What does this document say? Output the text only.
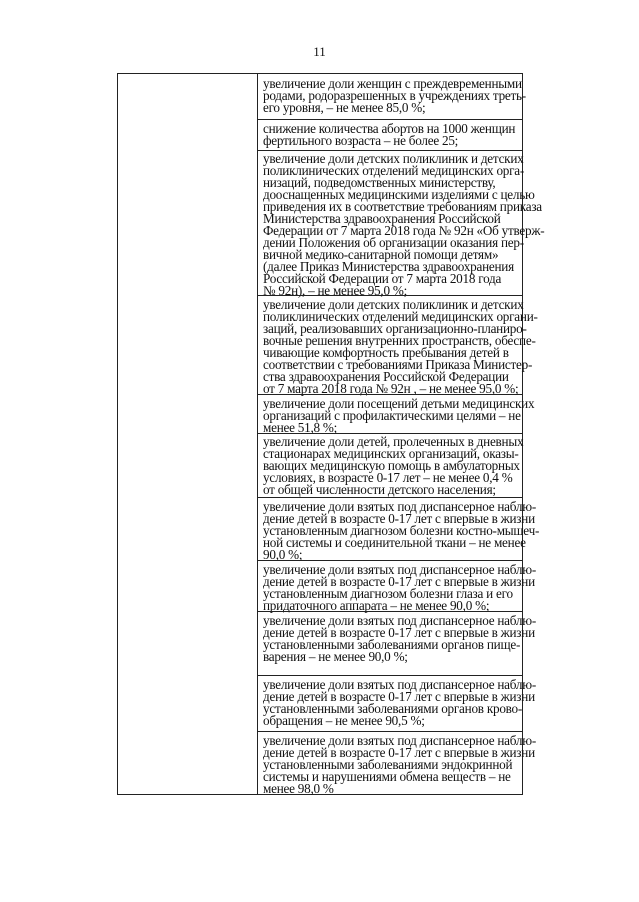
11
увеличение доли женщин с преждевременными
родами, родоразрешенных в учреждениях треть-
его уровня, – не менее 85,0 %;
снижение количества абортов на 1000 женщин
фертильного возраста – не более 25;
увеличение доли детских поликлиник и детских
поликлинических отделений медицинских орга-
низаций, подведомственных министерству,
дооснащенных медицинскими изделиями с целью
приведения их в соответствие требованиям приказа
Министерства здравоохранения Российской
Федерации от 7 марта 2018 года № 92н «Об утверж-
дении Положения об организации оказания пер-
вичной медико-санитарной помощи детям»
(далее Приказ Министерства здравоохранения
Российской Федерации от 7 марта 2018 года
№ 92н), – не менее 95,0 %;
увеличение доли детских поликлиник и детских
поликлинических отделений медицинских органи-
заций, реализовавших организационно-планиро-
вочные решения внутренних пространств, обеспе-
чивающие комфортность пребывания детей в
соответствии с требованиями Приказа Министер-
ства здравоохранения Российской Федерации
от 7 марта 2018 года № 92н , – не менее 95,0 %;
увеличение доли посещений детьми медицинских
организаций с профилактическими целями – не
менее 51,8 %;
увеличение доли детей, пролеченных в дневных
стационарах медицинских организаций, оказы-
вающих медицинскую помощь в амбулаторных
условиях, в возрасте 0-17 лет – не менее 0,4 %
от общей численности детского населения;
увеличение доли взятых под диспансерное наблю-
дение детей в возрасте 0-17 лет с впервые в жизни
установленным диагнозом болезни костно-мышеч-
ной системы и соединительной ткани – не менее
90,0 %;
увеличение доли взятых под диспансерное наблю-
дение детей в возрасте 0-17 лет с впервые в жизни
установленным диагнозом болезни глаза и его
придаточного аппарата – не менее 90,0 %;
увеличение доли взятых под диспансерное наблю-
дение детей в возрасте 0-17 лет с впервые в жизни
установленными заболеваниями органов пище-
варения – не менее 90,0 %;
увеличение доли взятых под диспансерное наблю-
дение детей в возрасте 0-17 лет с впервые в жизни
установленными заболеваниями органов крово-
обращения – не менее 90,5 %;
увеличение доли взятых под диспансерное наблю-
дение детей в возрасте 0-17 лет с впервые в жизни
установленными заболеваниями эндокринной
системы и нарушениями обмена веществ – не
менее 98,0 %
